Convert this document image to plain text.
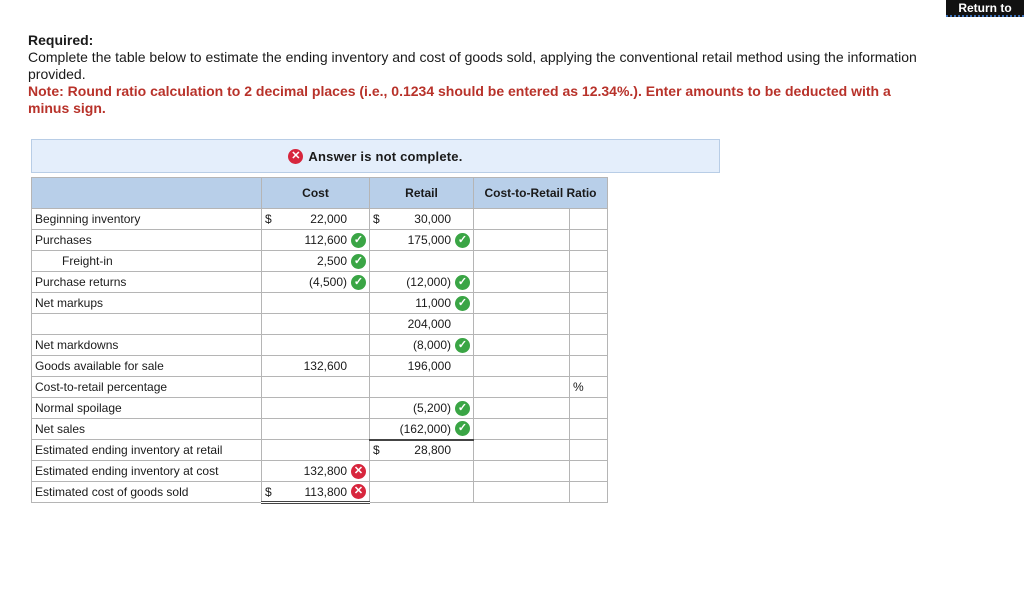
Return to
Required:
Complete the table below to estimate the ending inventory and cost of goods sold, applying the conventional retail method using the information provided.
Note: Round ratio calculation to 2 decimal places (i.e., 0.1234 should be entered as 12.34%.). Enter amounts to be deducted with a minus sign.
✕ Answer is not complete.
	Cost	Retail	Cost-to-Retail Ratio	
Beginning inventory	$ 22,000	$ 30,000		

Purchases	112,600 ✓	175,000 ✓		

Freight-in	2,500 ✓			

Purchase returns	(4,500) ✓	(12,000) ✓		

Net markups		11,000 ✓		

		204,000		

Net markdowns		(8,000) ✓		

Goods available for sale	132,600	196,000		

Cost-to-retail percentage				%
Normal spoilage		(5,200) ✓		

Net sales		(162,000) ✓		

Estimated ending inventory at retail		$ 28,800		

Estimated ending inventory at cost	132,800 ✕			

Estimated cost of goods sold	$ 113,800 ✕			
